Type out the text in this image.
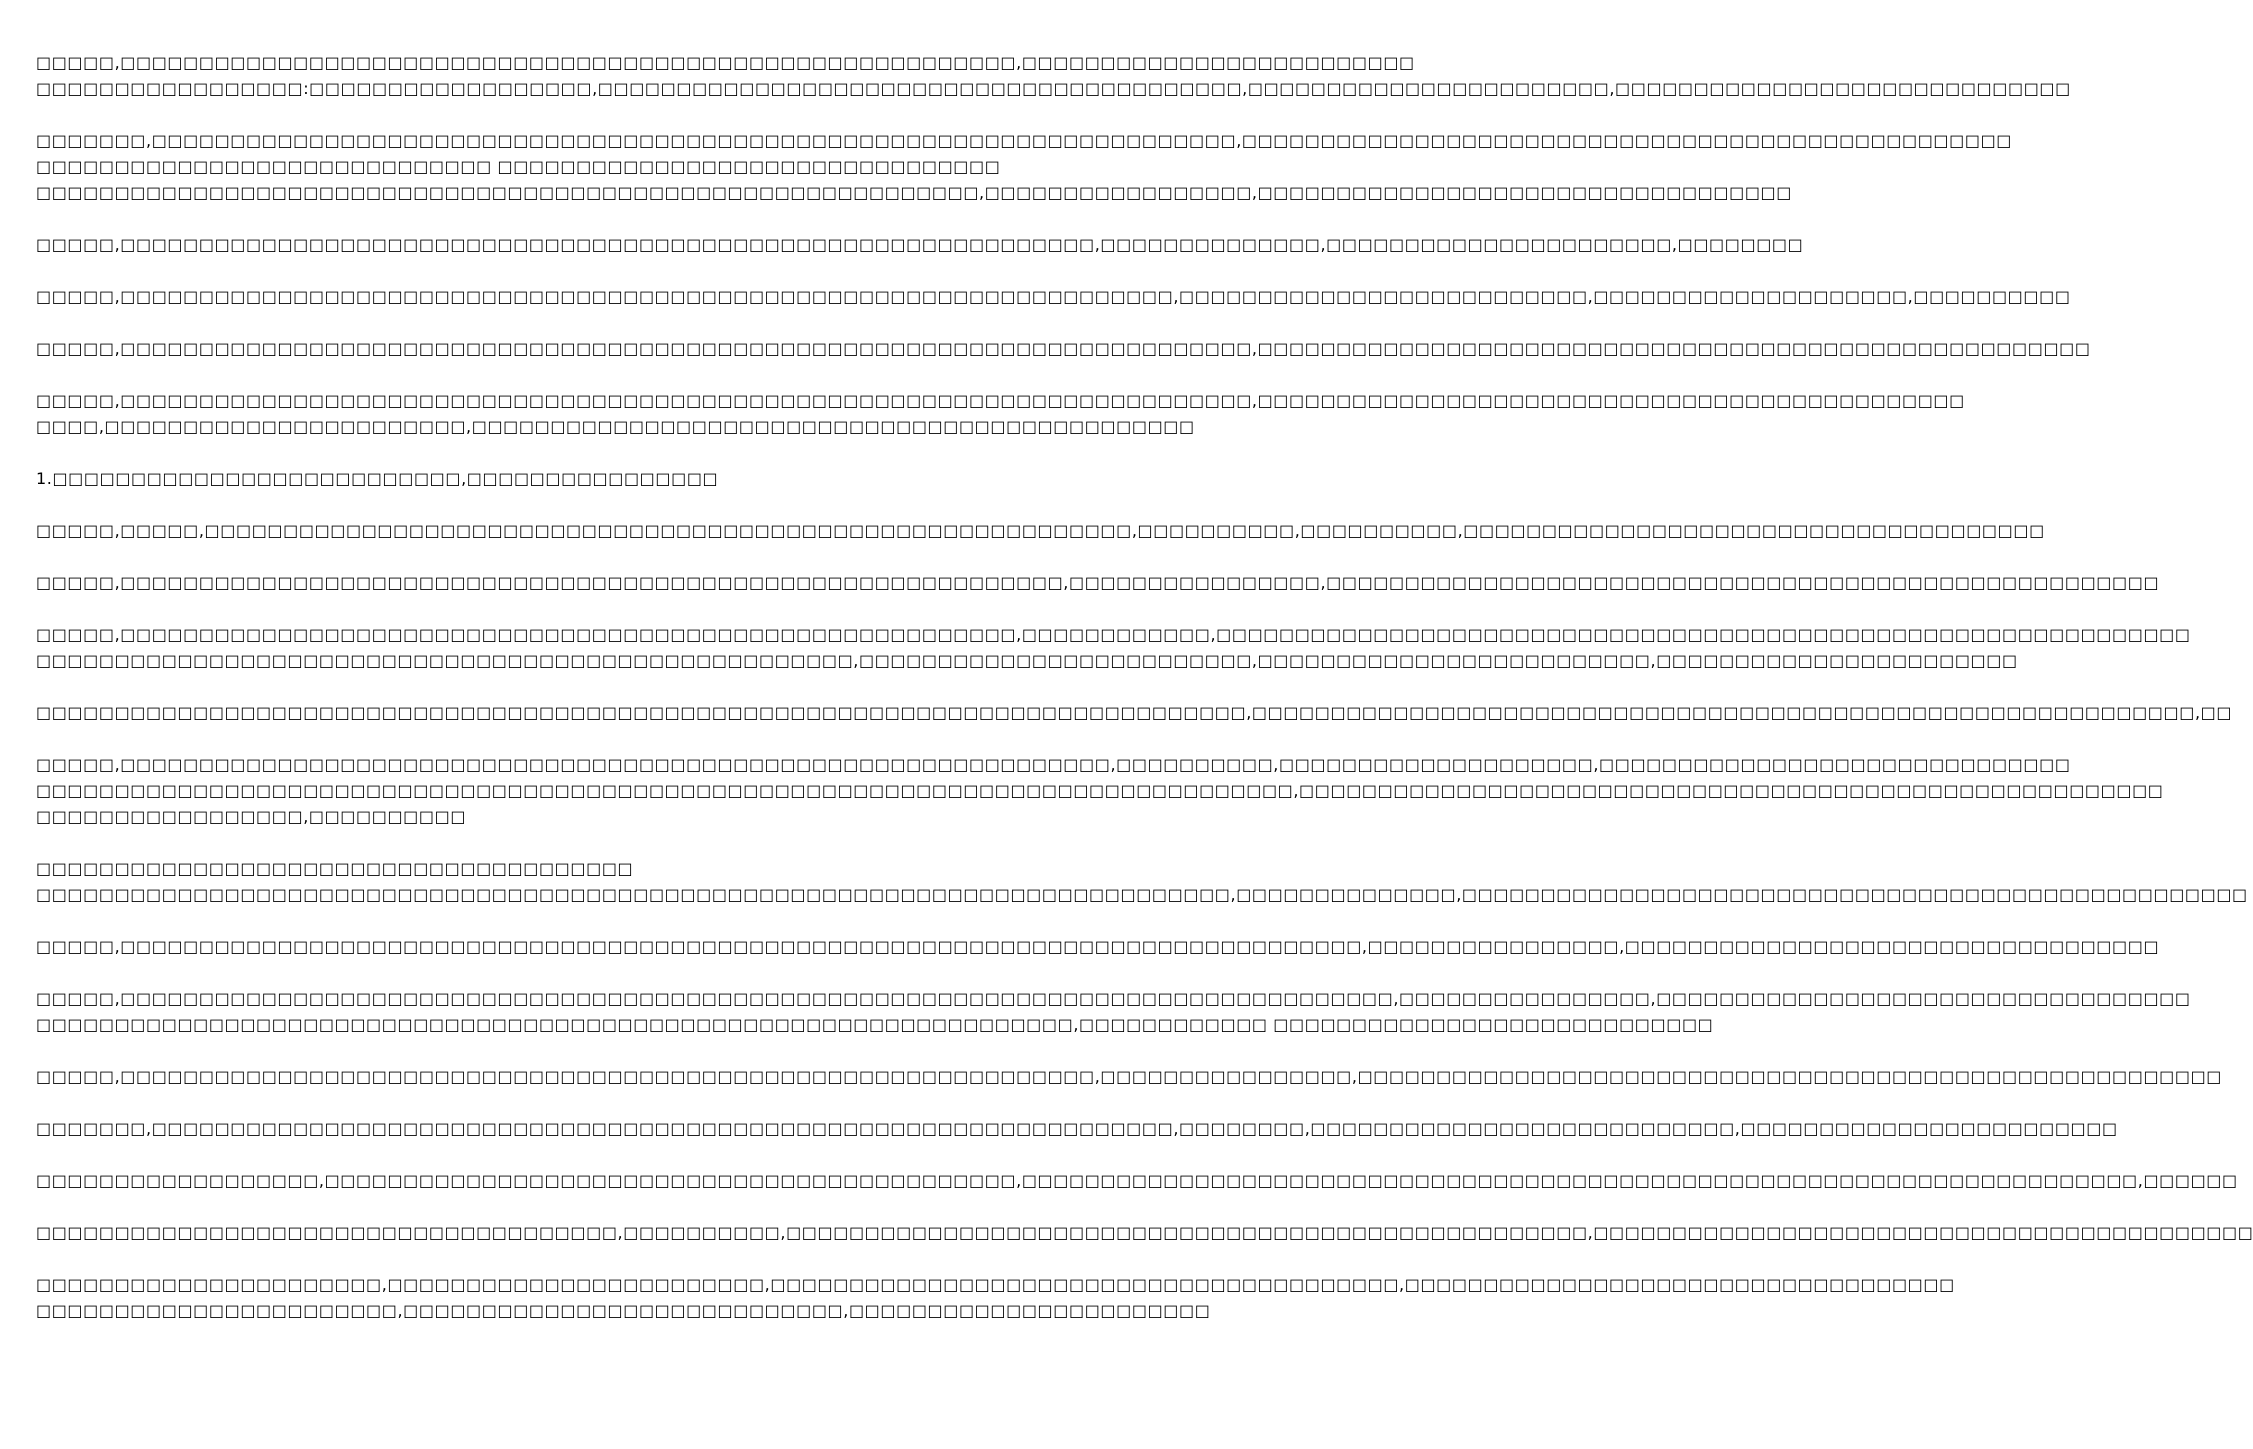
□□□□□,□□□□□□□□□□□□□□□□□□□□□□□□□□□□□□□□□□□□□□□□□□□□□□□□□□□□□□□□□,□□□□□□□□□□□□□□□□□□□□□□□□□
□□□□□□□□□□□□□□□□□:□□□□□□□□□□□□□□□□□□,□□□□□□□□□□□□□□□□□□□□□□□□□□□□□□□□□□□□□□□□□,□□□□□□□□□□□□□□□□□□□□□□□,□□□□□□□□□□□□□□□□□□□□□□□□□□□□□
□□□□□□□,□□□□□□□□□□□□□□□□□□□□□□□□□□□□□□□□□□□□□□□□□□□□□□□□□□□□□□□□□□□□□□□□□□□□□,□□□□□□□□□□□□□□□□□□□□□□□□□□□□□□□□□□□□□□□□□□□□□□□□□
□□□□□□□□□□□□□□□□□□□□□□□□□□□□□ □□□□□□□□□□□□□□□□□□□□□□□□□□□□□□□□
□□□□□□□□□□□□□□□□□□□□□□□□□□□□□□□□□□□□□□□□□□□□□□□□□□□□□□□□□□□□,□□□□□□□□□□□□□□□□□,□□□□□□□□□□□□□□□□□□□□□□□□□□□□□□□□□□
□□□□□,□□□□□□□□□□□□□□□□□□□□□□□□□□□□□□□□□□□□□□□□□□□□□□□□□□□□□□□□□□□□□□,□□□□□□□□□□□□□□,□□□□□□□□□□□□□□□□□□□□□□,□□□□□□□□
□□□□□,□□□□□□□□□□□□□□□□□□□□□□□□□□□□□□□□□□□□□□□□□□□□□□□□□□□□□□□□□□□□□□□□□□□,□□□□□□□□□□□□□□□□□□□□□□□□□□,□□□□□□□□□□□□□□□□□□□□,□□□□□□□□□□
□□□□□,□□□□□□□□□□□□□□□□□□□□□□□□□□□□□□□□□□□□□□□□□□□□□□□□□□□□□□□□□□□□□□□□□□□□□□□□,□□□□□□□□□□□□□□□□□□□□□□□□□□□□□□□□□□□□□□□□□□□□□□□□□□□□□
□□□□□,□□□□□□□□□□□□□□□□□□□□□□□□□□□□□□□□□□□□□□□□□□□□□□□□□□□□□□□□□□□□□□□□□□□□□□□□,□□□□□□□□□□□□□□□□□□□□□□□□□□□□□□□□□□□□□□□□□□□□□
□□□□,□□□□□□□□□□□□□□□□□□□□□□□,□□□□□□□□□□□□□□□□□□□□□□□□□□□□□□□□□□□□□□□□□□□□□□
1.□□□□□□□□□□□□□□□□□□□□□□□□□□,□□□□□□□□□□□□□□□□
□□□□□,□□□□□,□□□□□□□□□□□□□□□□□□□□□□□□□□□□□□□□□□□□□□□□□□□□□□□□□□□□□□□□□□□,□□□□□□□□□□,□□□□□□□□□□,□□□□□□□□□□□□□□□□□□□□□□□□□□□□□□□□□□□□□
□□□□□,□□□□□□□□□□□□□□□□□□□□□□□□□□□□□□□□□□□□□□□□□□□□□□□□□□□□□□□□□□□□,□□□□□□□□□□□□□□□□,□□□□□□□□□□□□□□□□□□□□□□□□□□□□□□□□□□□□□□□□□□□□□□□□□□□□□
□□□□□,□□□□□□□□□□□□□□□□□□□□□□□□□□□□□□□□□□□□□□□□□□□□□□□□□□□□□□□□□,□□□□□□□□□□□□,□□□□□□□□□□□□□□□□□□□□□□□□□□□□□□□□□□□□□□□□□□□□□□□□□□□□□□□□□□□□□□
□□□□□□□□□□□□□□□□□□□□□□□□□□□□□□□□□□□□□□□□□□□□□□□□□□□□,□□□□□□□□□□□□□□□□□□□□□□□□□,□□□□□□□□□□□□□□□□□□□□□□□□□,□□□□□□□□□□□□□□□□□□□□□□□
□□□□□□□□□□□□□□□□□□□□□□□□□□□□□□□□□□□□□□□□□□□□□□□□□□□□□□□□□□□□□□□□□□□□□□□□□□□□□,□□□□□□□□□□□□□□□□□□□□□□□□□□□□□□□□□□□□□□□□□□□□□□□□□□□□□□□□□□□□,□□
□□□□□,□□□□□□□□□□□□□□□□□□□□□□□□□□□□□□□□□□□□□□□□□□□□□□□□□□□□□□□□□□□□□□□,□□□□□□□□□□,□□□□□□□□□□□□□□□□□□□□,□□□□□□□□□□□□□□□□□□□□□□□□□□□□□□
□□□□□□□□□□□□□□□□□□□□□□□□□□□□□□□□□□□□□□□□□□□□□□□□□□□□□□□□□□□□□□□□□□□□□□□□□□□□□□□□,□□□□□□□□□□□□□□□□□□□□□□□□□□□□□□□□□□□□□□□□□□□□□□□□□□□□□□□
□□□□□□□□□□□□□□□□□,□□□□□□□□□□
□□□□□□□□□□□□□□□□□□□□□□□□□□□□□□□□□□□□□□
□□□□□□□□□□□□□□□□□□□□□□□□□□□□□□□□□□□□□□□□□□□□□□□□□□□□□□□□□□□□□□□□□□□□□□□□□□□□,□□□□□□□□□□□□□□,□□□□□□□□□□□□□□□□□□□□□□□□□□□□□□□□□□□□□□□□□□□□□□□□□□
□□□□□,□□□□□□□□□□□□□□□□□□□□□□□□□□□□□□□□□□□□□□□□□□□□□□□□□□□□□□□□□□□□□□□□□□□□□□□□□□□□□□□,□□□□□□□□□□□□□□□□,□□□□□□□□□□□□□□□□□□□□□□□□□□□□□□□□□□
□□□□□,□□□□□□□□□□□□□□□□□□□□□□□□□□□□□□□□□□□□□□□□□□□□□□□□□□□□□□□□□□□□□□□□□□□□□□□□□□□□□□□□□,□□□□□□□□□□□□□□□□,□□□□□□□□□□□□□□□□□□□□□□□□□□□□□□□□□□
□□□□□□□□□□□□□□□□□□□□□□□□□□□□□□□□□□□□□□□□□□□□□□□□□□□□□□□□□□□□□□□□□□,□□□□□□□□□□□□ □□□□□□□□□□□□□□□□□□□□□□□□□□□□
□□□□□,□□□□□□□□□□□□□□□□□□□□□□□□□□□□□□□□□□□□□□□□□□□□□□□□□□□□□□□□□□□□□□,□□□□□□□□□□□□□□□□,□□□□□□□□□□□□□□□□□□□□□□□□□□□□□□□□□□□□□□□□□□□□□□□□□□□□□□□
□□□□□□□,□□□□□□□□□□□□□□□□□□□□□□□□□□□□□□□□□□□□□□□□□□□□□□□□□□□□□□□□□□□□□□□□□,□□□□□□□□,□□□□□□□□□□□□□□□□□□□□□□□□□□□,□□□□□□□□□□□□□□□□□□□□□□□□
□□□□□□□□□□□□□□□□□□,□□□□□□□□□□□□□□□□□□□□□□□□□□□□□□□□□□□□□□□□□□□□,□□□□□□□□□□□□□□□□□□□□□□□□□□□□□□□□□□□□□□□□□□□□□□□□□□□□□□□□□□□□□□□□□□□□□□□,□□□□□□
□□□□□□□□□□□□□□□□□□□□□□□□□□□□□□□□□□□□□,□□□□□□□□□□,□□□□□□□□□□□□□□□□□□□□□□□□□□□□□□□□□□□□□□□□□□□□□□□□□□□,□□□□□□□□□□□□□□□□□□□□□□□□□□□□□□□□□□□□□□□□□□
□□□□□□□□□□□□□□□□□□□□□□,□□□□□□□□□□□□□□□□□□□□□□□□,□□□□□□□□□□□□□□□□□□□□□□□□□□□□□□□□□□□□□□□□,□□□□□□□□□□□□□□□□□□□□□□□□□□□□□□□□□□□
□□□□□□□□□□□□□□□□□□□□□□□,□□□□□□□□□□□□□□□□□□□□□□□□□□□□,□□□□□□□□□□□□□□□□□□□□□□□
